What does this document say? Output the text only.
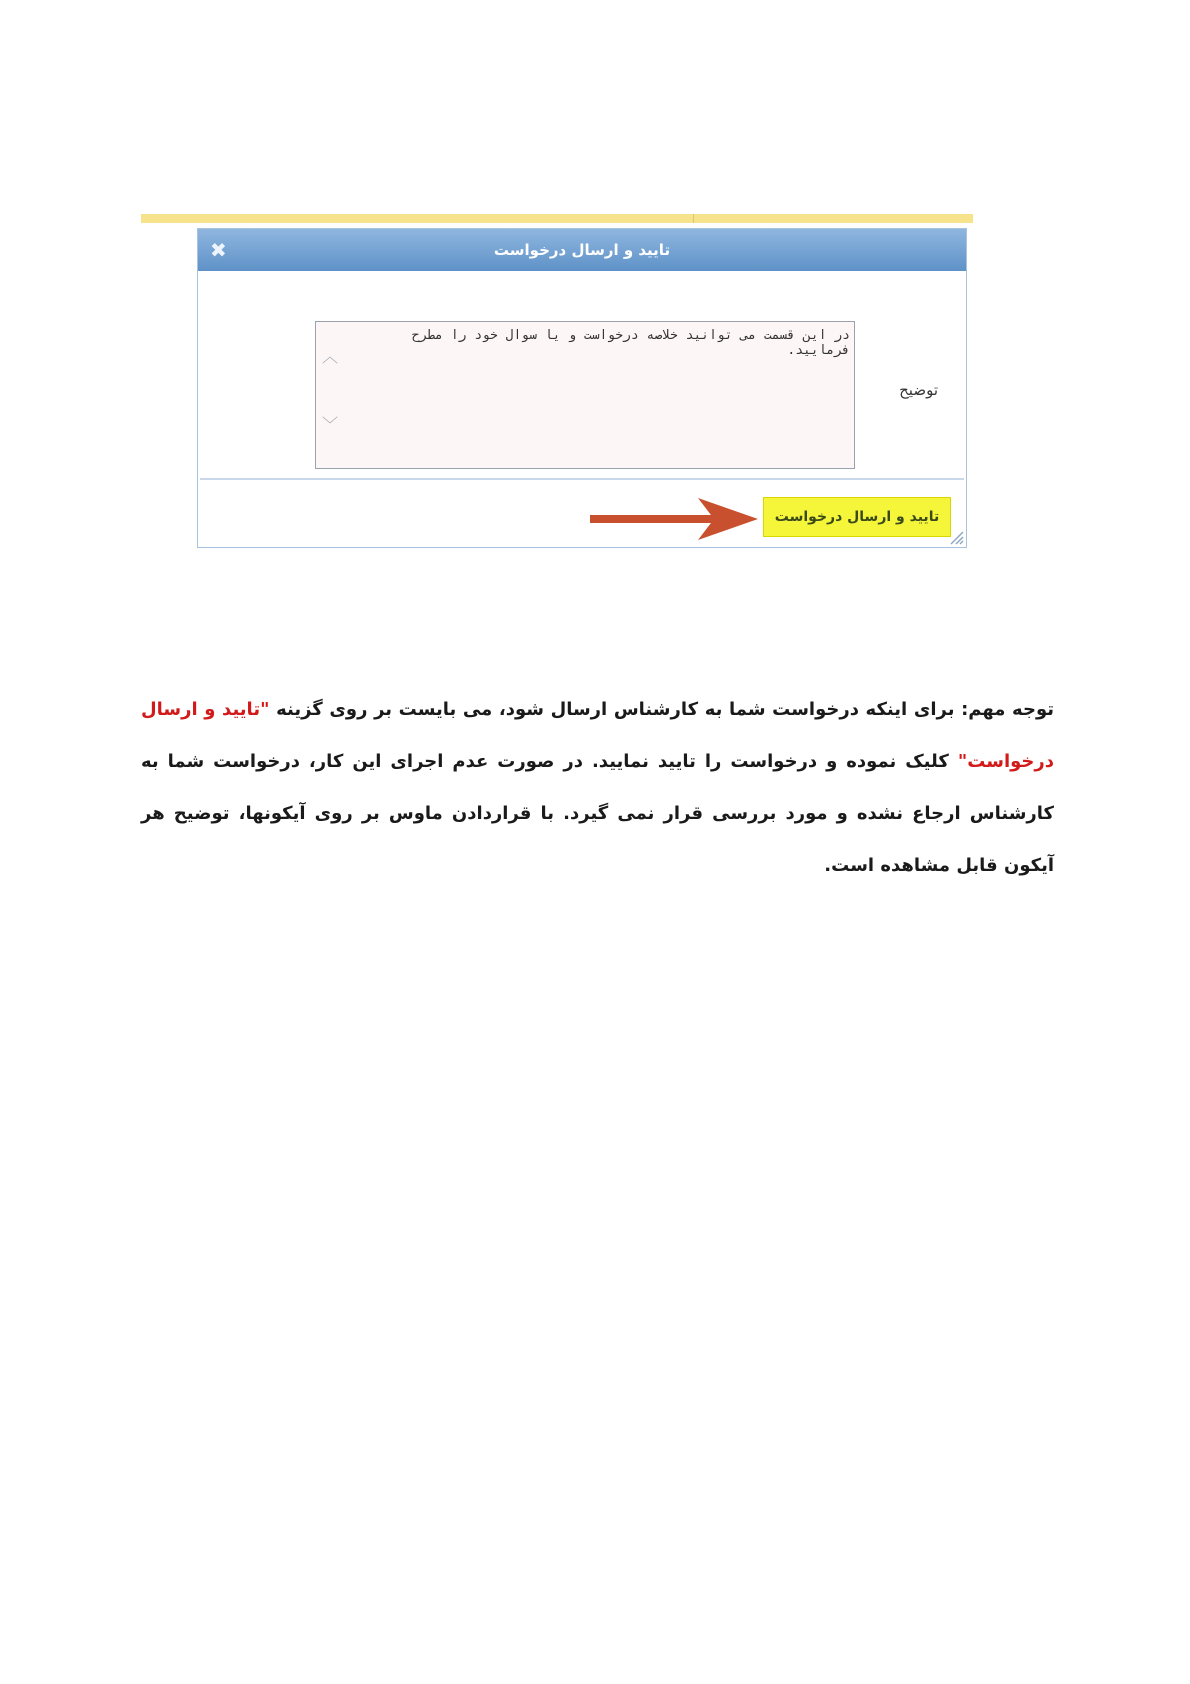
تایید و ارسال درخواست
✖

در این قسمت می توانید خلاصه درخواست و یا سوال خود را مطرح فرمایید.

︿
﹀
توضیح
تایید و ارسال درخواست

توجه مهم: برای اینکه درخواست شما به کارشناس ارسال شود، می بایست بر روی گزینه "تایید و ارسال درخواست" کلیک نموده و درخواست را تایید نمایید. در صورت عدم اجرای این کار، درخواست شما به کارشناس ارجاع نشده و مورد بررسی قرار نمی گیرد. با قراردادن ماوس بر روی آیکونها، توضیح هر آیکون قابل مشاهده است.
